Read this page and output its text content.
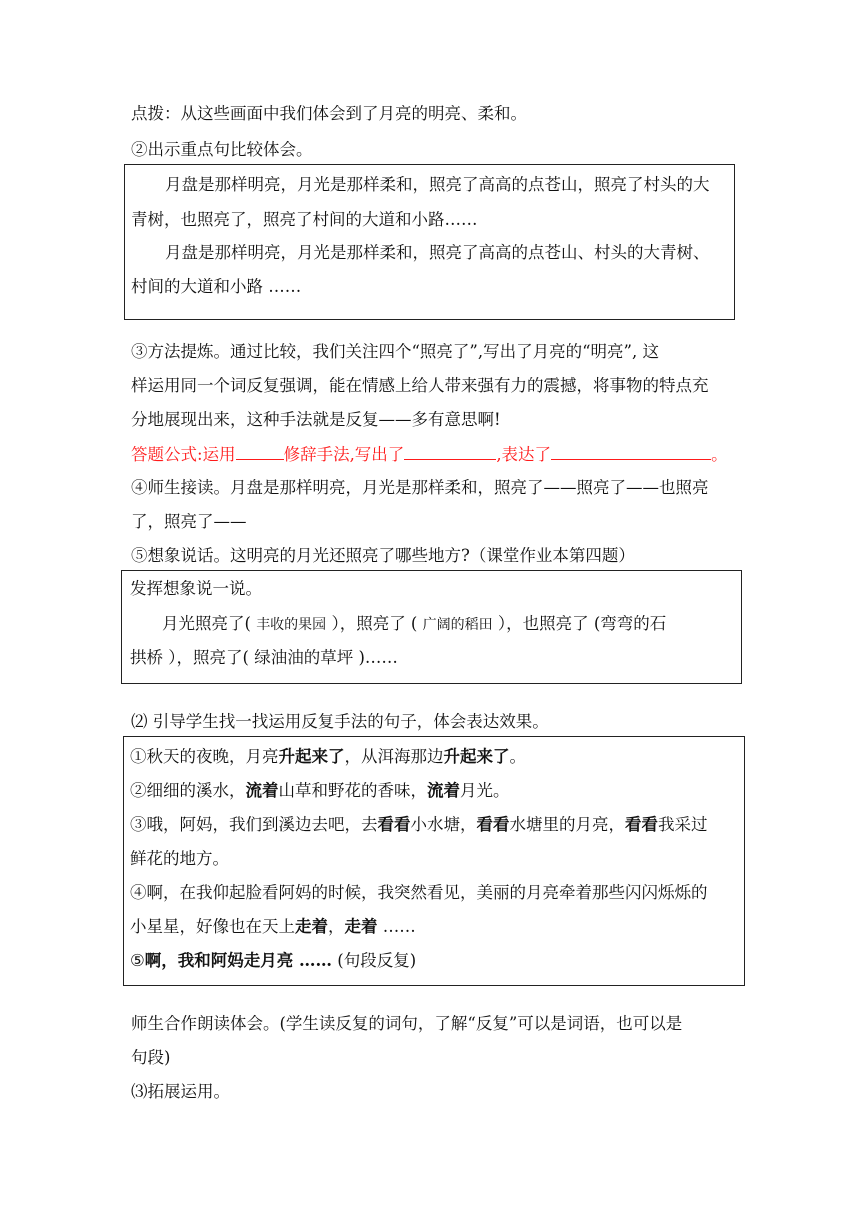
点拨：从这些画面中我们体会到了月亮的明亮、柔和。
②出示重点句比较体会。
月盘是那样明亮，月光是那样柔和，照亮了高高的点苍山，照亮了村头的大
青树，也照亮了，照亮了村间的大道和小路……
月盘是那样明亮，月光是那样柔和，照亮了高高的点苍山、村头的大青树、
村间的大道和小路 ……
③方法提炼。通过比较，我们关注四个“照亮了”,写出了月亮的“明亮”, 这
样运用同一个词反复强调，能在情感上给人带来强有力的震撼，将事物的特点充
分地展现出来，这种手法就是反复——多有意思啊!
答题公式:运用	修辞手法,写出了	,表达了	。
④师生接读。月盘是那样明亮，月光是那样柔和，照亮了——照亮了——也照亮
了，照亮了——
⑤想象说话。这明亮的月光还照亮了哪些地方?（课堂作业本第四题）
发挥想象说一说。
月光照亮了( 丰收的果园 ），照亮了 ( 广阔的稻田 ），也照亮了 (弯弯的石
拱桥 ），照亮了( 绿油油的草坪 )……
⑵ 引导学生找一找运用反复手法的句子，体会表达效果。
①秋天的夜晚，月亮升起来了，从洱海那边升起来了。
②细细的溪水，流着山草和野花的香味，流着月光。
③哦，阿妈，我们到溪边去吧，去看看小水塘，看看水塘里的月亮，看看我采过
鲜花的地方。
④啊，在我仰起脸看阿妈的时候，我突然看见，美丽的月亮牵着那些闪闪烁烁的
小星星，好像也在天上走着，走着 ……
⑤啊，我和阿妈走月亮 …… (句段反复)
师生合作朗读体会。(学生读反复的词句，了解“反复”可以是词语，也可以是
句段)
⑶拓展运用。
